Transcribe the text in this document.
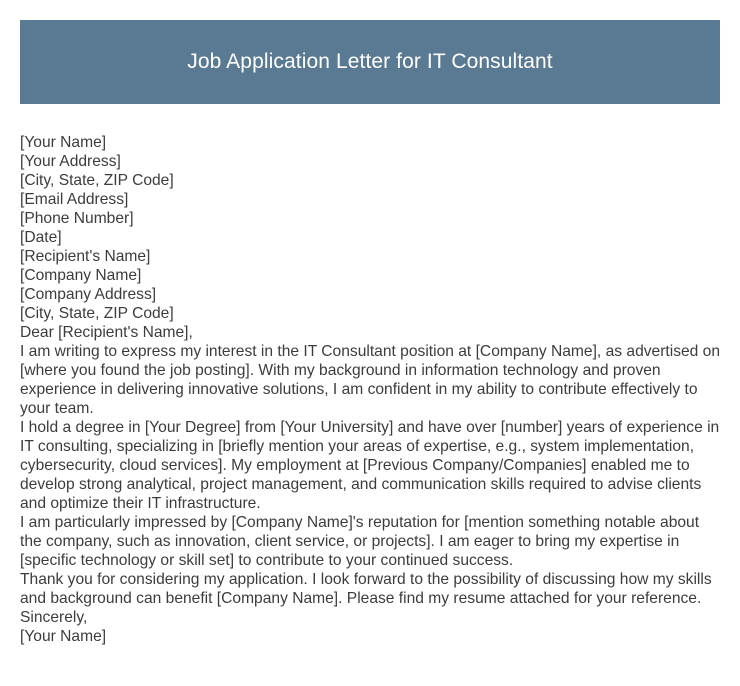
Job Application Letter for IT Consultant

[Your Name]

[Your Address]

[City, State, ZIP Code]

[Email Address]

[Phone Number]

[Date]

[Recipient's Name]

[Company Name]

[Company Address]

[City, State, ZIP Code]

Dear [Recipient's Name],

I am writing to express my interest in the IT Consultant position at [Company Name], as advertised on [where you found the job posting]. With my background in information technology and proven experience in delivering innovative solutions, I am confident in my ability to contribute effectively to your team.

I hold a degree in [Your Degree] from [Your University] and have over [number] years of experience in IT consulting, specializing in [briefly mention your areas of expertise, e.g., system implementation, cybersecurity, cloud services]. My employment at [Previous Company/Companies] enabled me to develop strong analytical, project management, and communication skills required to advise clients and optimize their IT infrastructure.

I am particularly impressed by [Company Name]'s reputation for [mention something notable about the company, such as innovation, client service, or projects]. I am eager to bring my expertise in [specific technology or skill set] to contribute to your continued success.

Thank you for considering my application. I look forward to the possibility of discussing how my skills and background can benefit [Company Name]. Please find my resume attached for your reference.

Sincerely,

[Your Name]
